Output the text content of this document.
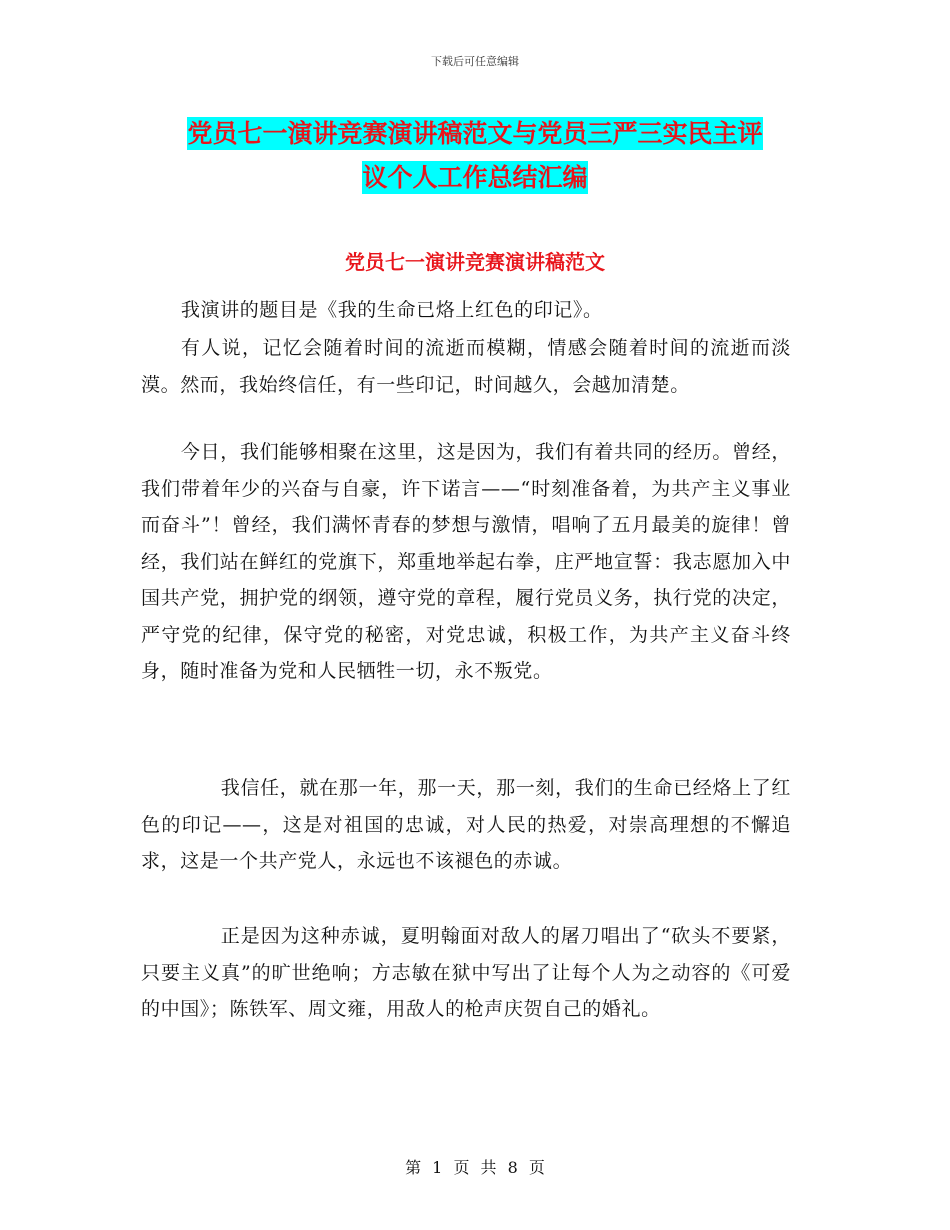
下载后可任意编辑
党员七一演讲竞赛演讲稿范文与党员三严三实民主评
议个人工作总结汇编
党员七一演讲竞赛演讲稿范文

我演讲的题目是《我的生命已烙上红色的印记》。

有人说，记忆会随着时间的流逝而模糊，情感会随着时间的流逝而淡漠。然而，我始终信任，有一些印记，时间越久，会越加清楚。

今日，我们能够相聚在这里，这是因为，我们有着共同的经历。曾经，我们带着年少的兴奋与自豪，许下诺言——“时刻准备着，为共产主义事业而奋斗”！曾经，我们满怀青春的梦想与激情，唱响了五月最美的旋律！曾经，我们站在鲜红的党旗下，郑重地举起右拳，庄严地宣誓：我志愿加入中国共产党，拥护党的纲领，遵守党的章程，履行党员义务，执行党的决定，严守党的纪律，保守党的秘密，对党忠诚，积极工作，为共产主义奋斗终身，随时准备为党和人民牺牲一切，永不叛党。

我信任，就在那一年，那一天，那一刻，我们的生命已经烙上了红色的印记——，这是对祖国的忠诚，对人民的热爱，对崇高理想的不懈追求，这是一个共产党人，永远也不该褪色的赤诚。

正是因为这种赤诚，夏明翰面对敌人的屠刀唱出了“砍头不要紧，只要主义真”的旷世绝响；方志敏在狱中写出了让每个人为之动容的《可爱的中国》；陈铁军、周文雍，用敌人的枪声庆贺自己的婚礼。

第 1 页 共 8 页
